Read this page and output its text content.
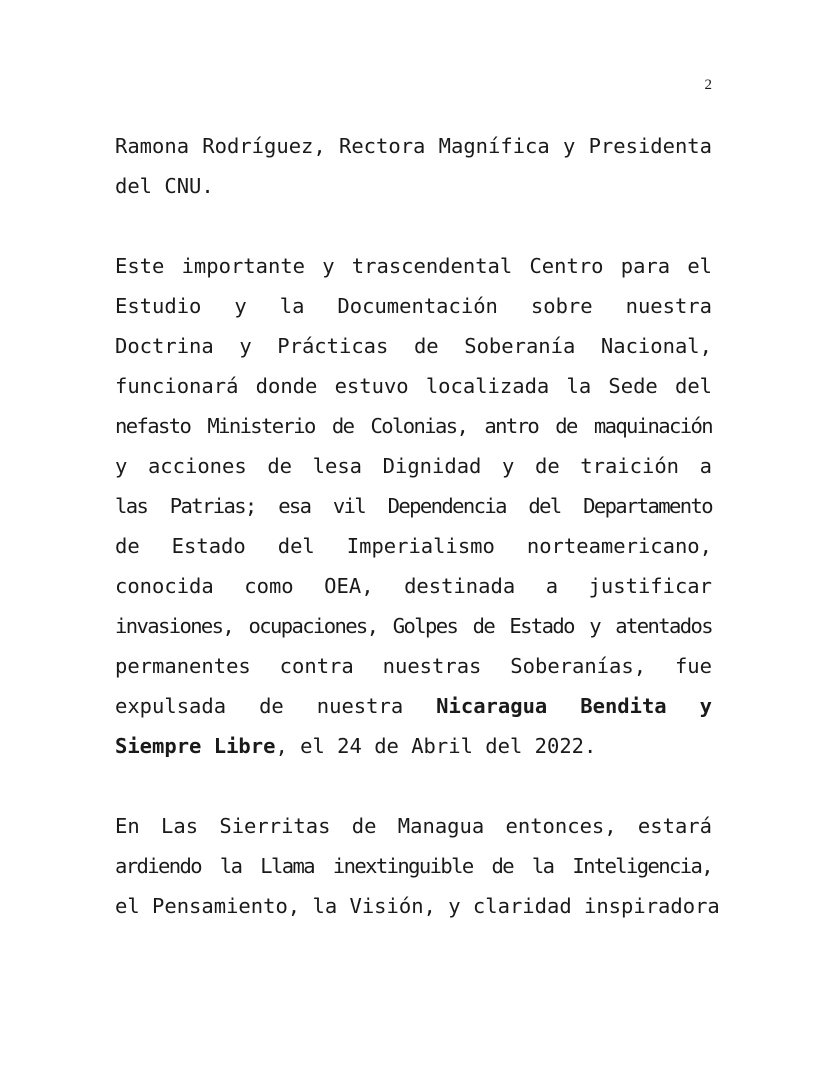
2

Ramona Rodríguez, Rectora Magnífica y Presidenta
del CNU.

Este importante y trascendental Centro para el
Estudio y la Documentación sobre nuestra
Doctrina y Prácticas de Soberanía Nacional,
funcionará donde estuvo localizada la Sede del
nefasto Ministerio de Colonias, antro de maquinación
y acciones de lesa Dignidad y de traición a
las Patrias; esa vil Dependencia del Departamento
de Estado del Imperialismo norteamericano,
conocida como OEA, destinada a justificar
invasiones, ocupaciones, Golpes de Estado y atentados
permanentes contra nuestras Soberanías, fue
expulsada de nuestra Nicaragua Bendita y
Siempre Libre, el 24 de Abril del 2022.

En Las Sierritas de Managua entonces, estará
ardiendo la Llama inextinguible de la Inteligencia,
el Pensamiento, la Visión, y claridad inspiradora
